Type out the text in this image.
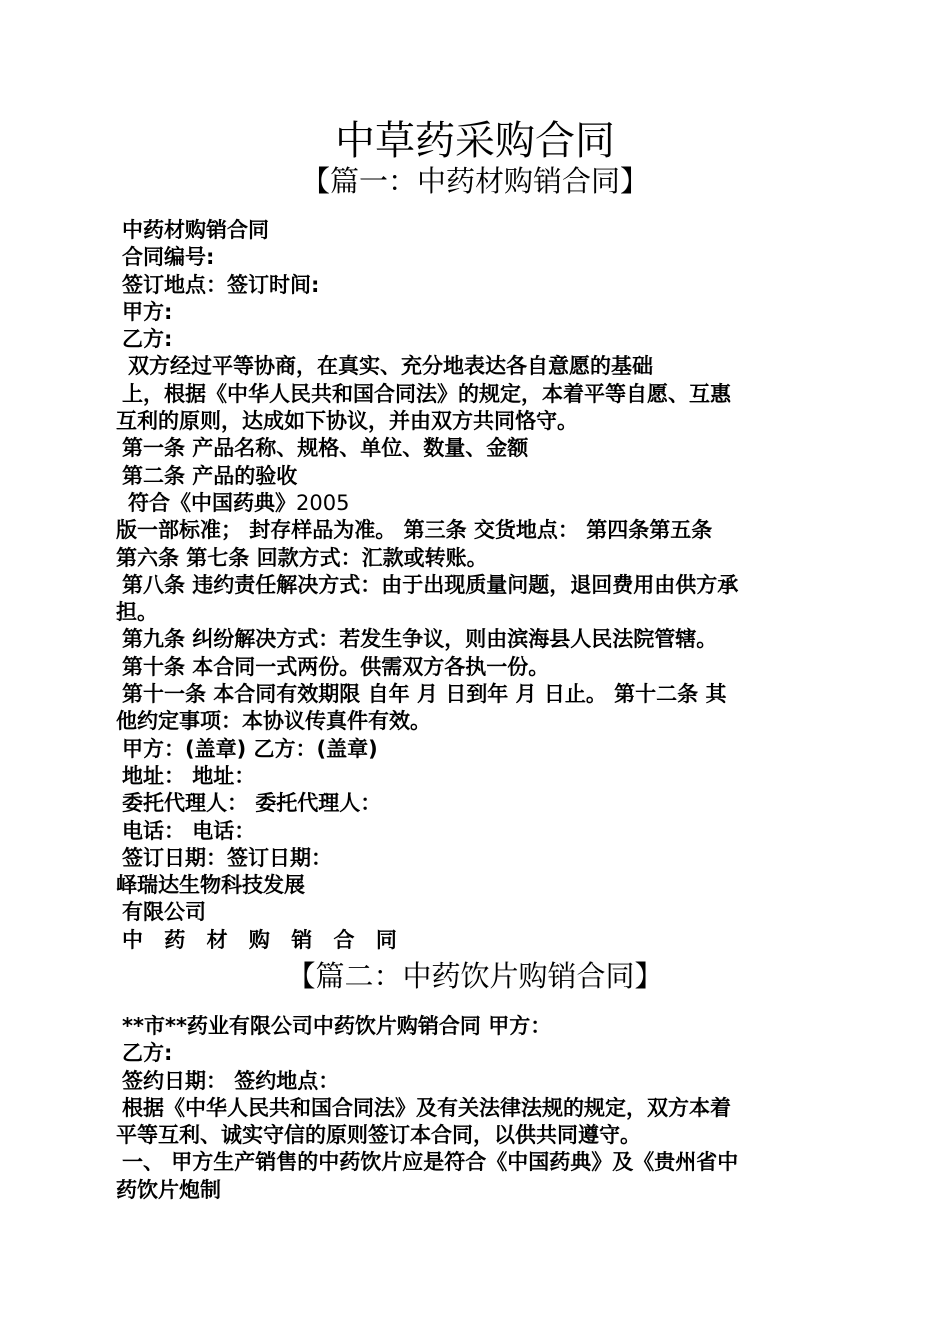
中草药采购合同
【篇一：中药材购销合同】
中药材购销合同
合同编号:
签订地点：签订时间:
甲方:
乙方:
双方经过平等协商，在真实、充分地表达各自意愿的基础
上，根据《中华人民共和国合同法》的规定，本着平等自愿、互惠
互利的原则，达成如下协议，并由双方共同恪守。
第一条 产品名称、规格、单位、数量、金额
第二条 产品的验收
符合《中国药典》2005
版一部标准； 封存样品为准。 第三条 交货地点： 第四条第五条
第六条 第七条 回款方式：汇款或转账。
第八条 违约责任解决方式：由于出现质量问题，退回费用由供方承
担。
第九条 纠纷解决方式：若发生争议，则由滨海县人民法院管辖。
第十条 本合同一式两份。供需双方各执一份。
第十一条 本合同有效期限 自年 月 日到年 月 日止。 第十二条 其
他约定事项：本协议传真件有效。
甲方：(盖章) 乙方：(盖章)
地址： 地址：
委托代理人： 委托代理人：
电话： 电话：
签订日期：签订日期：
峄瑞达生物科技发展
有限公司
中 药 材 购 销 合 同
【篇二：中药饮片购销合同】
**市**药业有限公司中药饮片购销合同 甲方：
乙方:
签约日期： 签约地点：
根据《中华人民共和国合同法》及有关法律法规的规定，双方本着
平等互利、诚实守信的原则签订本合同，以供共同遵守。
一、 甲方生产销售的中药饮片应是符合《中国药典》及《贵州省中
药饮片炮制
